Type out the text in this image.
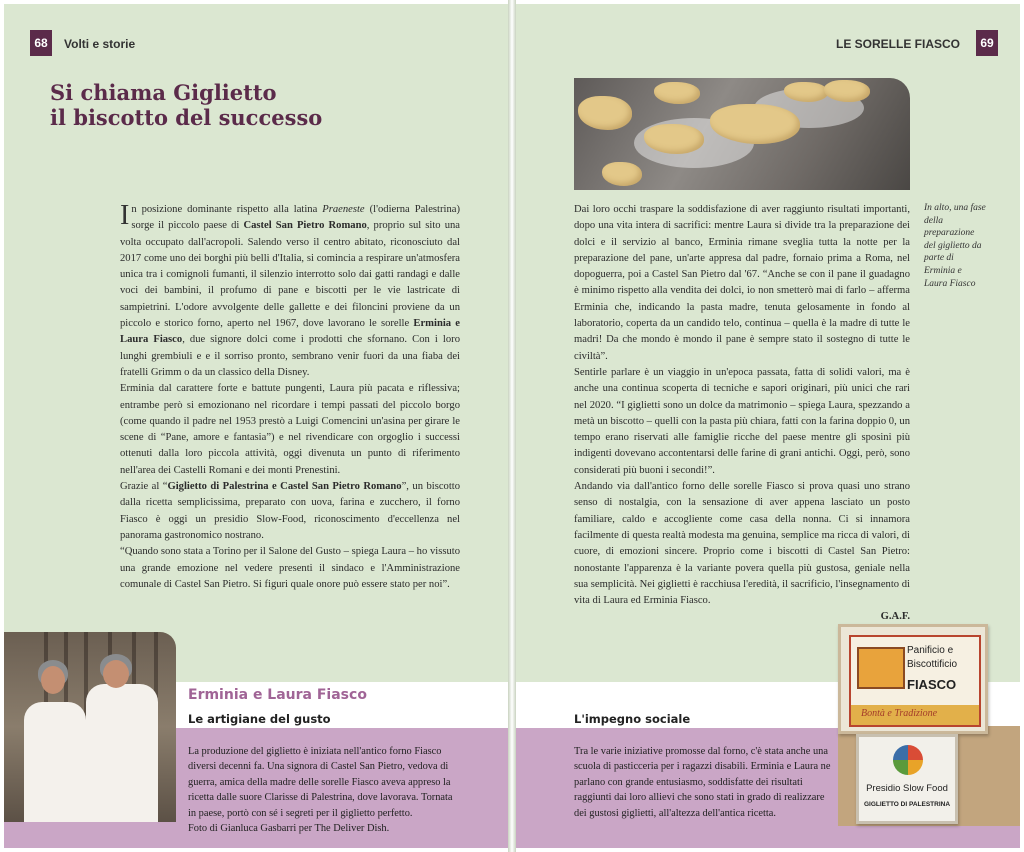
68	Volti e storie
Si chiama Giglietto
il biscotto del successo

In posizione dominante rispetto alla latina Praeneste (l'odierna Palestrina) sorge il piccolo paese di Castel San Pietro Romano, proprio sul sito una volta occupato dall'acropoli. Salendo verso il centro abitato, riconosciuto dal 2017 come uno dei borghi più belli d'Italia, si comincia a respirare un'atmosfera unica tra i comignoli fumanti, il silenzio interrotto solo dai gatti randagi e dalle voci dei bambini, il profumo di pane e biscotti per le vie lastricate di sampietrini. L'odore avvolgente delle gallette e dei filoncini proviene da un piccolo e storico forno, aperto nel 1967, dove lavorano le sorelle Erminia e Laura Fiasco, due signore dolci come i prodotti che sfornano. Con i loro lunghi grembiuli e e il sorriso pronto, sembrano venir fuori da una fiaba dei fratelli Grimm o da un classico della Disney.

Erminia dal carattere forte e battute pungenti, Laura più pacata e riflessiva; entrambe però si emozionano nel ricordare i tempi passati del piccolo borgo (come quando il padre nel 1953 prestò a Luigi Comencini un'asina per girare le scene di “Pane, amore e fantasia”) e nel rivendicare con orgoglio i successi ottenuti dalla loro piccola attività, oggi divenuta un punto di riferimento nell'area dei Castelli Romani e dei monti Prenestini.

Grazie al “Giglietto di Palestrina e Castel San Pietro Romano”, un biscotto dalla ricetta semplicissima, preparato con uova, farina e zucchero, il forno Fiasco è oggi un presidio Slow-Food, riconoscimento d'eccellenza nel panorama gastronomico nostrano.

“Quando sono stata a Torino per il Salone del Gusto – spiega Laura – ho vissuto una grande emozione nel vedere presenti il sindaco e l'Amministrazione comunale di Castel San Pietro. Si figuri quale onore può essere stato per noi”.

Erminia e Laura Fiasco
Le artigiane del gusto

La produzione del giglietto è iniziata nell'antico forno Fiasco diversi decenni fa. Una signora di Castel San Pietro, vedova di guerra, amica della madre delle sorelle Fiasco aveva appreso la ricetta dalle suore Clarisse di Palestrina, dove lavorava. Tornata in paese, portò con sé i segreti per il giglietto perfetto.

Foto di Gianluca Gasbarri per The Deliver Dish.

LE SORELLE FIASCO	69
In alto, una fase della preparazione del giglietto da parte di Erminia e Laura Fiasco

Dai loro occhi traspare la soddisfazione di aver raggiunto risultati importanti, dopo una vita intera di sacrifici: mentre Laura si divide tra la preparazione dei dolci e il servizio al banco, Erminia rimane sveglia tutta la notte per la preparazione del pane, un'arte appresa dal padre, fornaio prima a Roma, nel dopoguerra, poi a Castel San Pietro dal '67. “Anche se con il pane il guadagno è minimo rispetto alla vendita dei dolci, io non smetterò mai di farlo – afferma Erminia che, indicando la pasta madre, tenuta gelosamente in fondo al laboratorio, coperta da un candido telo, continua – quella è la madre di tutte le madri! Da che mondo è mondo il pane è sempre stato il sostegno di tutte le civiltà”.

Sentirle parlare è un viaggio in un'epoca passata, fatta di solidi valori, ma è anche una continua scoperta di tecniche e sapori originari, più unici che rari nel 2020. “I giglietti sono un dolce da matrimonio – spiega Laura, spezzando a metà un biscotto – quelli con la pasta più chiara, fatti con la farina doppio 0, un tempo erano riservati alle famiglie ricche del paese mentre gli sposini più indigenti dovevano accontentarsi delle farine di grani antichi. Oggi, però, sono considerati più buoni i secondi!”.

Andando via dall'antico forno delle sorelle Fiasco si prova quasi uno strano senso di nostalgia, con la sensazione di aver appena lasciato un posto familiare, caldo e accogliente come casa della nonna. Ci si innamora facilmente di questa realtà modesta ma genuina, semplice ma ricca di valori, di cuore, di emozioni sincere. Proprio come i biscotti di Castel San Pietro: nonostante l'apparenza è la variante povera quella più gustosa, geniale nella sua semplicità. Nei giglietti è racchiusa l'eredità, il sacrificio, l'insegnamento di vita di Laura ed Erminia Fiasco.

G.A.F.

L'impegno sociale

Tra le varie iniziative promosse dal forno, c'è stata anche una scuola di pasticceria per i ragazzi disabili. Erminia e Laura ne parlano con grande entusiasmo, soddisfatte dei risultati raggiunti dai loro allievi che sono stati in grado di realizzare dei gustosi giglietti, all'altezza dell'antica ricetta.

Panificio e
Biscottificio
FIASCO
Bontà e Tradizione
Presidio Slow Food
GIGLIETTO DI PALESTRINA
